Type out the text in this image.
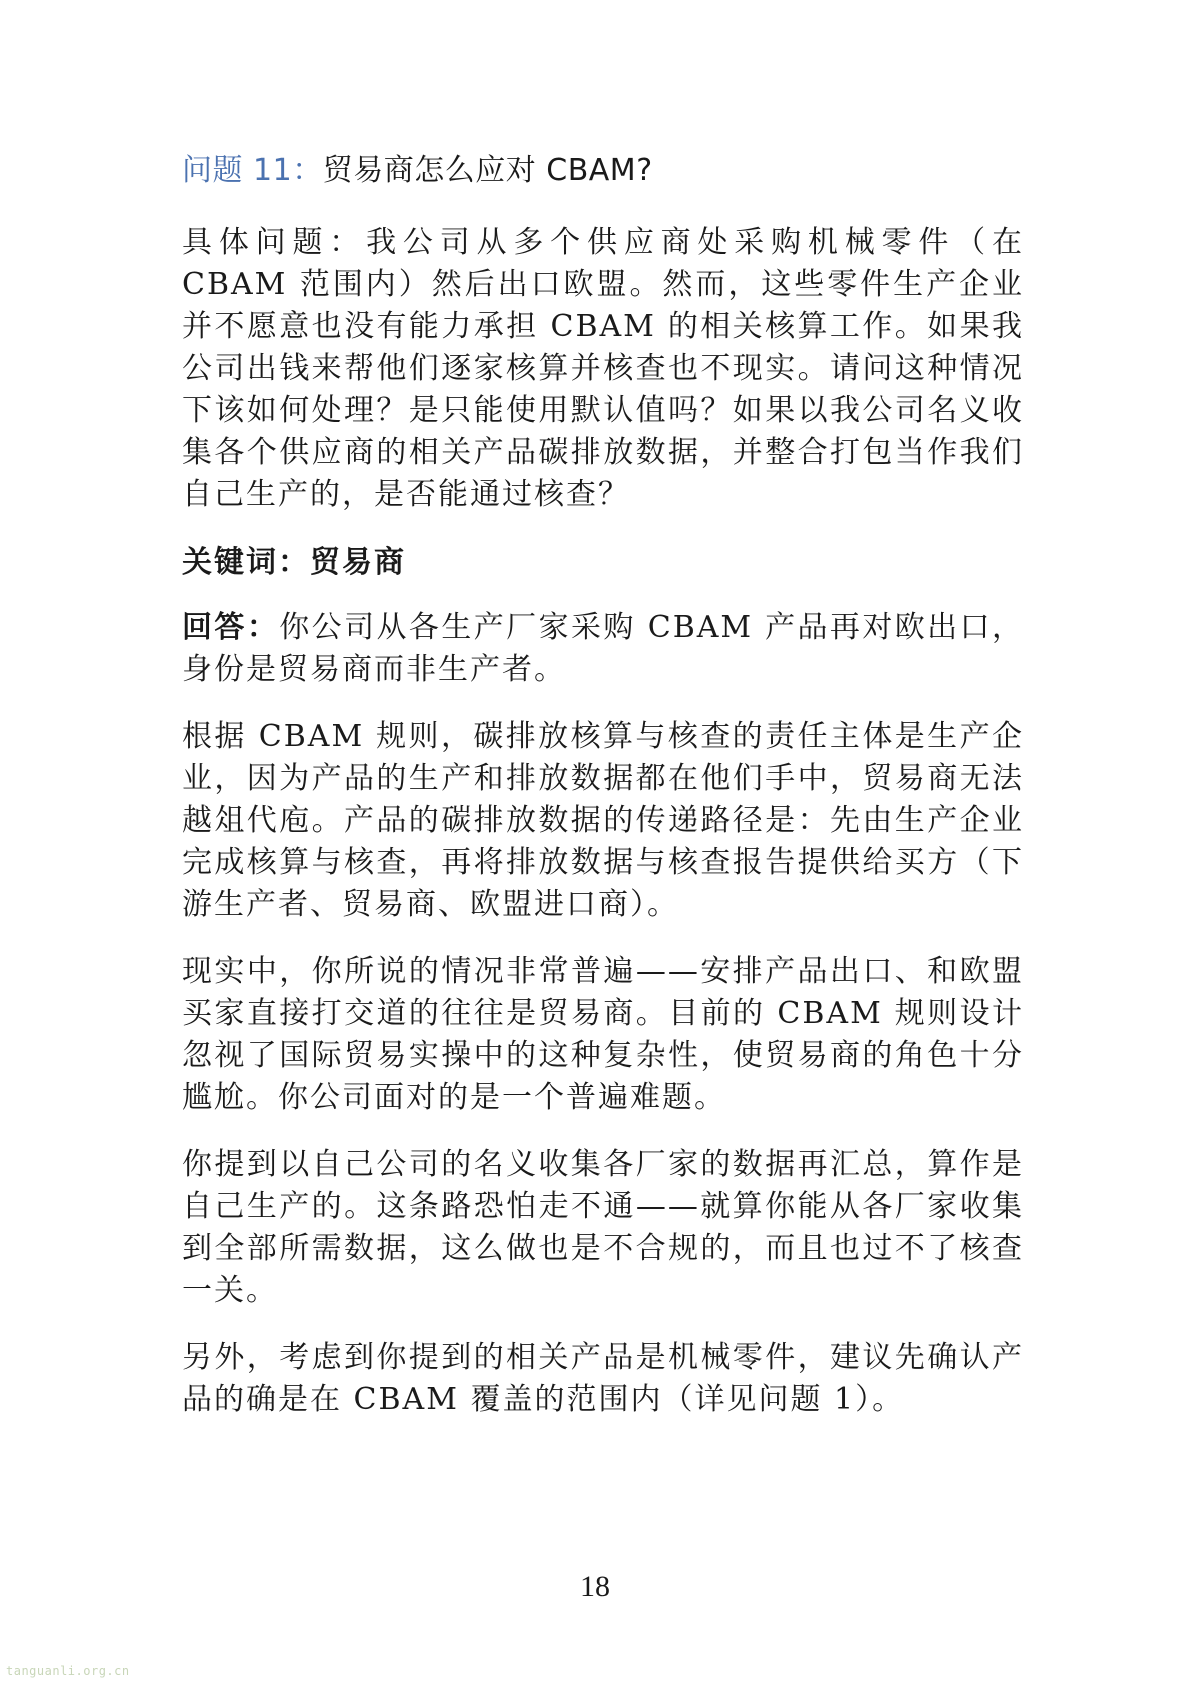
问题 11：贸易商怎么应对 CBAM?

具体问题：我公司从多个供应商处采购机械零件（在 CBAM 范围内）然后出口欧盟。然而，这些零件生产企业并不愿意也没有能力承担 CBAM 的相关核算工作。如果我公司出钱来帮他们逐家核算并核查也不现实。请问这种情况下该如何处理？是只能使用默认值吗？如果以我公司名义收集各个供应商的相关产品碳排放数据，并整合打包当作我们自己生产的，是否能通过核查？

关键词：贸易商

回答：你公司从各生产厂家采购 CBAM 产品再对欧出口，身份是贸易商而非生产者。

根据 CBAM 规则，碳排放核算与核查的责任主体是生产企业，因为产品的生产和排放数据都在他们手中，贸易商无法越俎代庖。产品的碳排放数据的传递路径是：先由生产企业完成核算与核查，再将排放数据与核查报告提供给买方（下游生产者、贸易商、欧盟进口商）。

现实中，你所说的情况非常普遍——安排产品出口、和欧盟买家直接打交道的往往是贸易商。目前的 CBAM 规则设计忽视了国际贸易实操中的这种复杂性，使贸易商的角色十分尴尬。你公司面对的是一个普遍难题。

你提到以自己公司的名义收集各厂家的数据再汇总，算作是自己生产的。这条路恐怕走不通——就算你能从各厂家收集到全部所需数据，这么做也是不合规的，而且也过不了核查一关。

另外，考虑到你提到的相关产品是机械零件，建议先确认产品的确是在 CBAM 覆盖的范围内（详见问题 1）。

18
tanguanli.org.cn
